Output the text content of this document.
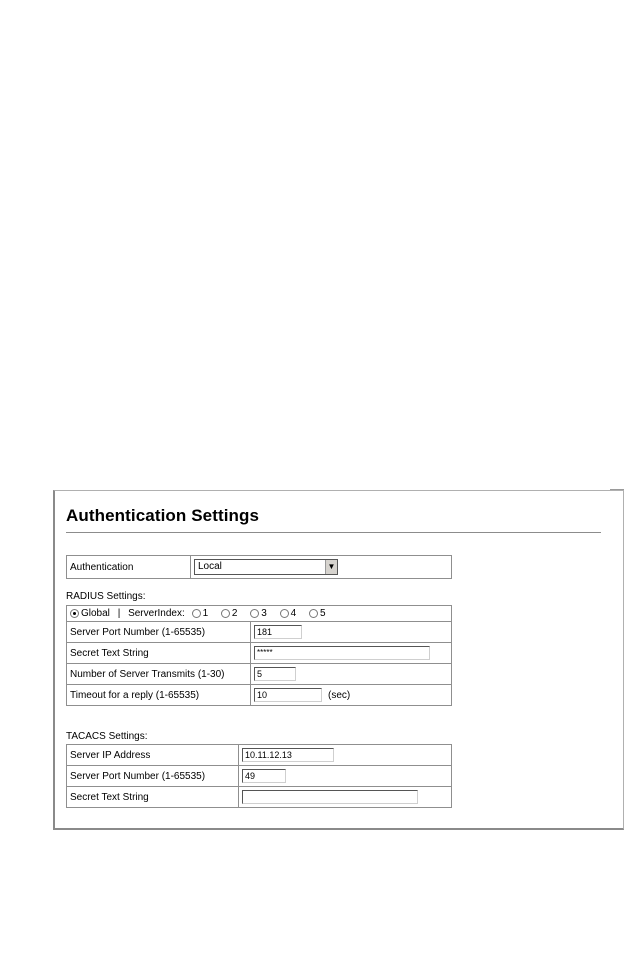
Authentication Settings
Authentication	Local	▼
RADIUS Settings:
Global | ServerIndex: 1 2 3 4 5	
Server Port Number (1-65535)	181
Secret Text String	*****
Number of Server Transmits (1-30)	5
Timeout for a reply (1-65535)	10 (sec)
TACACS Settings:
Server IP Address	10.11.12.13
Server Port Number (1-65535)	49
Secret Text String	
